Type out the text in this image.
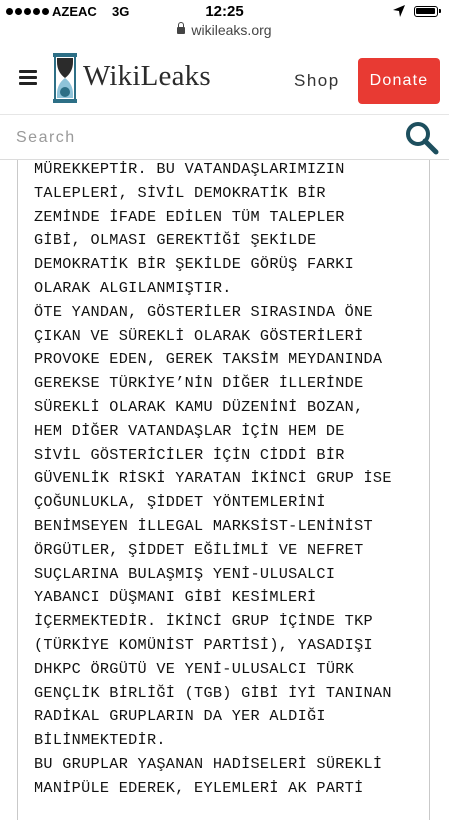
AZEAC 3G	12:25
wikileaks.org
WikiLeaks	Shop	Donate
Search
MÜREKKEPTİR. BU VATANDAŞLARIMIZIN
TALEPLERİ, SİVİL DEMOKRATİK BİR
ZEMİNDE İFADE EDİLEN TÜM TALEPLER
GİBİ, OLMASI GEREKTİĞİ ŞEKİLDE
DEMOKRATİK BİR ŞEKİLDE GÖRÜŞ FARKI
OLARAK ALGILANMIŞTIR.
ÖTE YANDAN, GÖSTERİLER SIRASINDA ÖNE
ÇIKAN VE SÜREKLİ OLARAK GÖSTERİLERİ
PROVOKE EDEN, GEREK TAKSİM MEYDANINDA
GEREKSE TÜRKİYE’NİN DİĞER İLLERİNDE
SÜREKLİ OLARAK KAMU DÜZENİNİ BOZAN,
HEM DİĞER VATANDAŞLAR İÇİN HEM DE
SİVİL GÖSTERİCİLER İÇİN CİDDİ BİR
GÜVENLİK RİSKİ YARATAN İKİNCİ GRUP İSE
ÇOĞUNLUKLA, ŞİDDET YÖNTEMLERİNİ
BENİMSEYEN İLLEGAL MARKSİST-LENİNİST
ÖRGÜTLER, ŞİDDET EĞİLİMLİ VE NEFRET
SUÇLARINA BULAŞMIŞ YENİ-ULUSALCI
YABANCI DÜŞMANI GİBİ KESİMLERİ
İÇERMEKTEDİR. İKİNCİ GRUP İÇİNDE TKP
(TÜRKİYE KOMÜNİST PARTİSİ), YASADIŞI
DHKPC ÖRGÜTÜ VE YENİ-ULUSALCI TÜRK
GENÇLİK BİRLİĞİ (TGB) GİBİ İYİ TANINAN
RADİKAL GRUPLARIN DA YER ALDIĞI
BİLİNMEKTEDİR.
BU GRUPLAR YAŞANAN HADİSELERİ SÜREKLİ
MANİPÜLE EDEREK, EYLEMLERİ AK PARTİ
